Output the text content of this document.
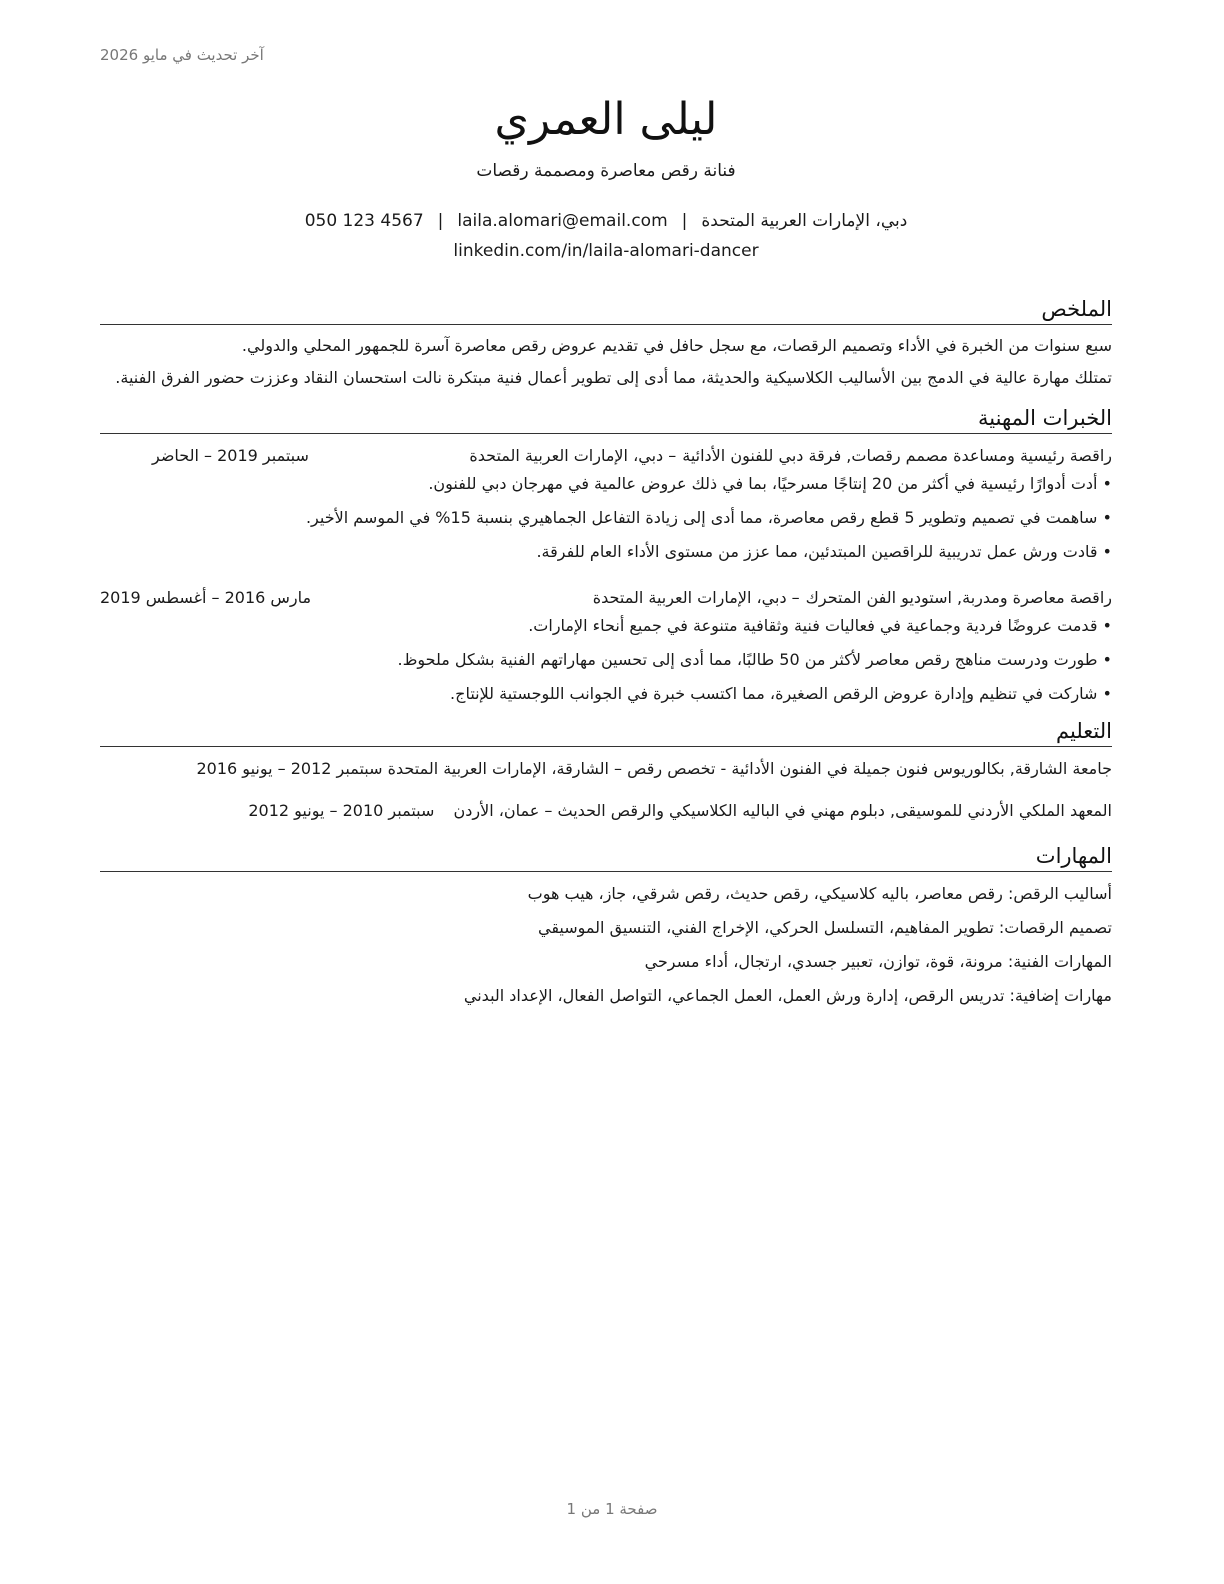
آخر تحديث في مايو 2026
ليلى العمري
فنانة رقص معاصرة ومصممة رقصات
دبي، الإمارات العربية المتحدة|laila.alomari@email.com|050 123 4567
linkedin.com/in/laila-alomari-dancer
الملخص

سبع سنوات من الخبرة في الأداء وتصميم الرقصات، مع سجل حافل في تقديم عروض رقص معاصرة آسرة للجمهور المحلي والدولي.

تمتلك مهارة عالية في الدمج بين الأساليب الكلاسيكية والحديثة، مما أدى إلى تطوير أعمال فنية مبتكرة نالت استحسان النقاد وعززت حضور الفرق الفنية.

الخبرات المهنية
راقصة رئيسية ومساعدة مصمم رقصات, فرقة دبي للفنون الأدائية
– دبي، الإمارات العربية المتحدة
سبتمبر 2019 – الحاضر
• أدت أدوارًا رئيسية في أكثر من 20 إنتاجًا مسرحيًا، بما في ذلك عروض عالمية في مهرجان دبي للفنون.
• ساهمت في تصميم وتطوير 5 قطع رقص معاصرة، مما أدى إلى زيادة التفاعل الجماهيري بنسبة 15% في الموسم الأخير.
• قادت ورش عمل تدريبية للراقصين المبتدئين، مما عزز من مستوى الأداء العام للفرقة.
راقصة معاصرة ومدربة, استوديو الفن المتحرك
– دبي، الإمارات العربية المتحدة
مارس 2016 – أغسطس 2019
• قدمت عروضًا فردية وجماعية في فعاليات فنية وثقافية متنوعة في جميع أنحاء الإمارات.
• طورت ودرست مناهج رقص معاصر لأكثر من 50 طالبًا، مما أدى إلى تحسين مهاراتهم الفنية بشكل ملحوظ.
• شاركت في تنظيم وإدارة عروض الرقص الصغيرة، مما اكتسب خبرة في الجوانب اللوجستية للإنتاج.
التعليم
جامعة الشارقة, بكالوريوس فنون جميلة في الفنون الأدائية - تخصص رقص – الشارقة، الإمارات العربية المتحدة سبتمبر 2012 – يونيو 2016
المعهد الملكي الأردني للموسيقى, دبلوم مهني في الباليه الكلاسيكي والرقص الحديث – عمان، الأردن سبتمبر 2010 – يونيو 2012
المهارات
أساليب الرقص: رقص معاصر، باليه كلاسيكي، رقص حديث، رقص شرقي، جاز، هيب هوب
تصميم الرقصات: تطوير المفاهيم، التسلسل الحركي، الإخراج الفني، التنسيق الموسيقي
المهارات الفنية: مرونة، قوة، توازن، تعبير جسدي، ارتجال، أداء مسرحي
مهارات إضافية: تدريس الرقص، إدارة ورش العمل، العمل الجماعي، التواصل الفعال، الإعداد البدني
صفحة 1 من 1
